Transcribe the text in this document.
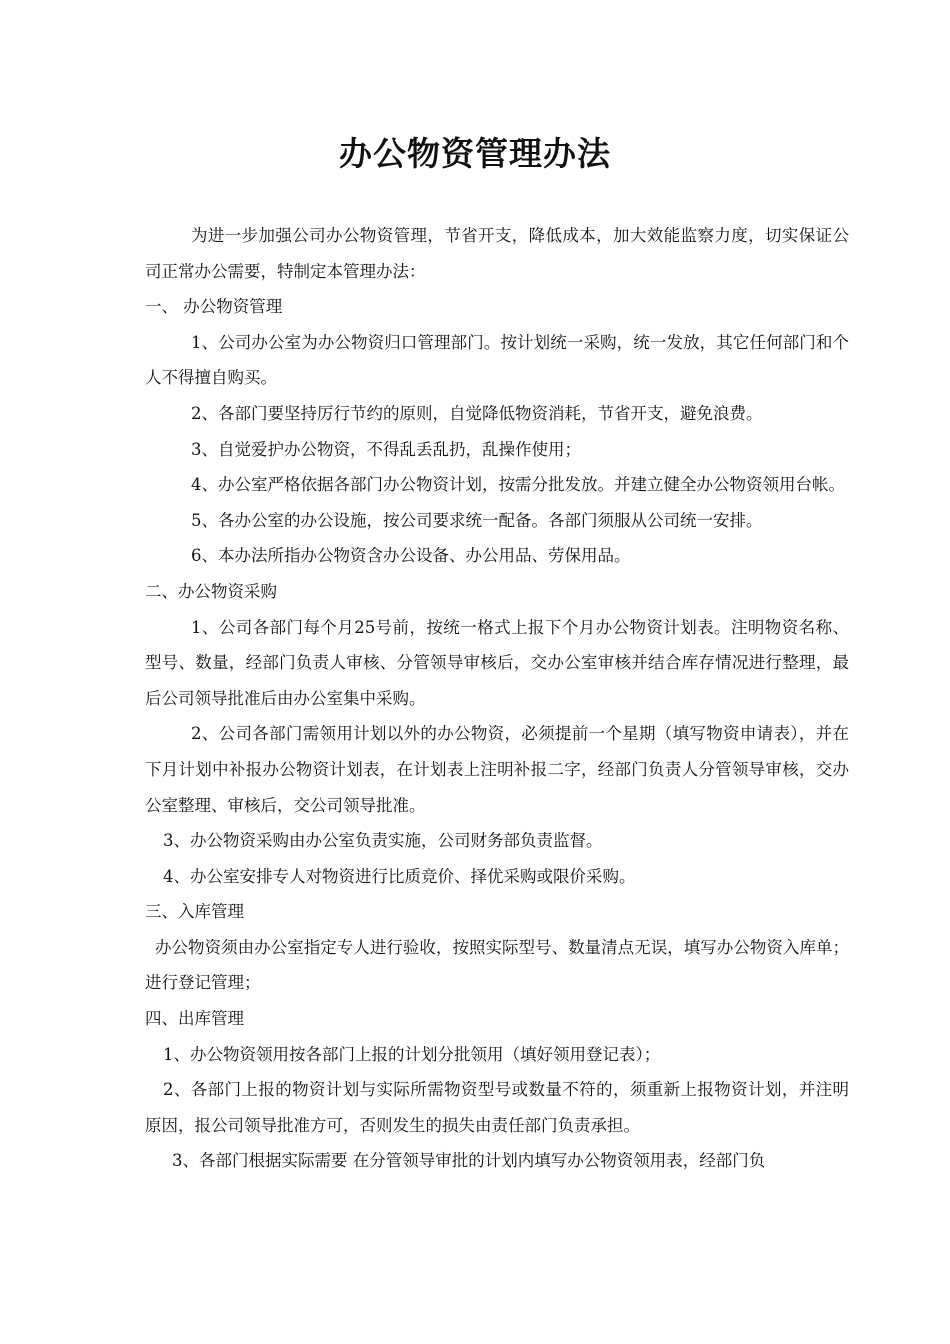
办公物资管理办法

为进一步加强公司办公物资管理，节省开支，降低成本，加大效能监察力度，切实保证公司正常办公需要，特制定本管理办法：

一、 办公物资管理

1、公司办公室为办公物资归口管理部门。按计划统一采购，统一发放，其它任何部门和个人不得擅自购买。

2、各部门要坚持厉行节约的原则，自觉降低物资消耗，节省开支，避免浪费。

3、自觉爱护办公物资，不得乱丢乱扔，乱操作使用；

4、办公室严格依据各部门办公物资计划，按需分批发放。并建立健全办公物资领用台帐。

5、各办公室的办公设施，按公司要求统一配备。各部门须服从公司统一安排。

6、本办法所指办公物资含办公设备、办公用品、劳保用品。

二、办公物资采购

1、公司各部门每个月25号前，按统一格式上报下个月办公物资计划表。注明物资名称、型号、数量，经部门负责人审核、分管领导审核后，交办公室审核并结合库存情况进行整理，最后公司领导批准后由办公室集中采购。

2、公司各部门需领用计划以外的办公物资，必须提前一个星期（填写物资申请表），并在下月计划中补报办公物资计划表，在计划表上注明补报二字，经部门负责人分管领导审核，交办公室整理、审核后，交公司领导批准。

3、办公物资采购由办公室负责实施，公司财务部负责监督。

4、办公室安排专人对物资进行比质竞价、择优采购或限价采购。

三、入库管理

办公物资须由办公室指定专人进行验收，按照实际型号、数量清点无误，填写办公物资入库单；进行登记管理；

四、出库管理

1、办公物资领用按各部门上报的计划分批领用（填好领用登记表）；

2、各部门上报的物资计划与实际所需物资型号或数量不符的，须重新上报物资计划，并注明原因，报公司领导批准方可，否则发生的损失由责任部门负责承担。

3、各部门根据实际需要 在分管领导审批的计划内填写办公物资领用表，经部门负
